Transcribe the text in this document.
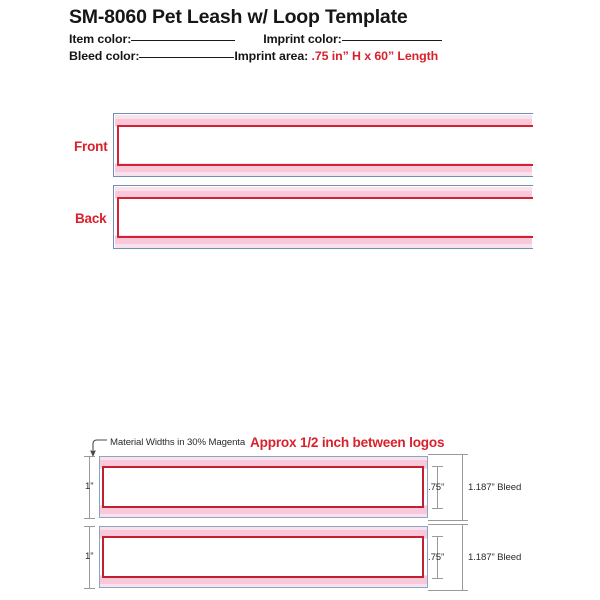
SM-8060 Pet Leash w/ Loop Template
Item color:	Imprint color:
Bleed color:	Imprint area: .75 in” H x 60” Length
Front
Back
Material Widths in 30% Magenta Approx 1/2 inch between logos
1”	.75” 1.187” Bleed
1”	.75” 1.187” Bleed
